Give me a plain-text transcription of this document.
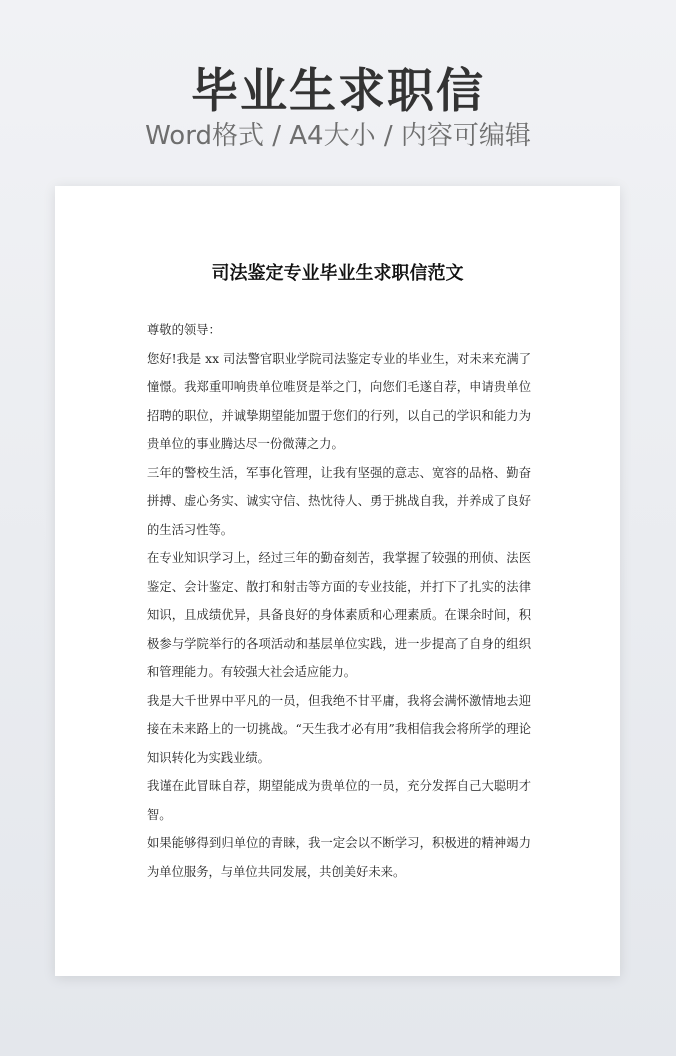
毕业生求职信
Word格式 / A4大小 / 内容可编辑
司法鉴定专业毕业生求职信范文

尊敬的领导：

您好!我是 xx 司法警官职业学院司法鉴定专业的毕业生，对未来充满了憧憬。我郑重叩响贵单位唯贤是举之门，向您们毛遂自荐，申请贵单位招聘的职位，并诚挚期望能加盟于您们的行列，以自己的学识和能力为贵单位的事业腾达尽一份微薄之力。

三年的警校生活，军事化管理，让我有坚强的意志、宽容的品格、勤奋拼搏、虚心务实、诚实守信、热忱待人、勇于挑战自我，并养成了良好的生活习性等。

在专业知识学习上，经过三年的勤奋刻苦，我掌握了较强的刑侦、法医鉴定、会计鉴定、散打和射击等方面的专业技能，并打下了扎实的法律知识，且成绩优异，具备良好的身体素质和心理素质。在课余时间，积极参与学院举行的各项活动和基层单位实践，进一步提高了自身的组织和管理能力。有较强大社会适应能力。

我是大千世界中平凡的一员，但我绝不甘平庸，我将会满怀激情地去迎接在未来路上的一切挑战。“天生我才必有用”我相信我会将所学的理论知识转化为实践业绩。

我谨在此冒昧自荐，期望能成为贵单位的一员，充分发挥自己大聪明才智。

如果能够得到归单位的青睐，我一定会以不断学习，积极进的精神竭力为单位服务，与单位共同发展，共创美好未来。
